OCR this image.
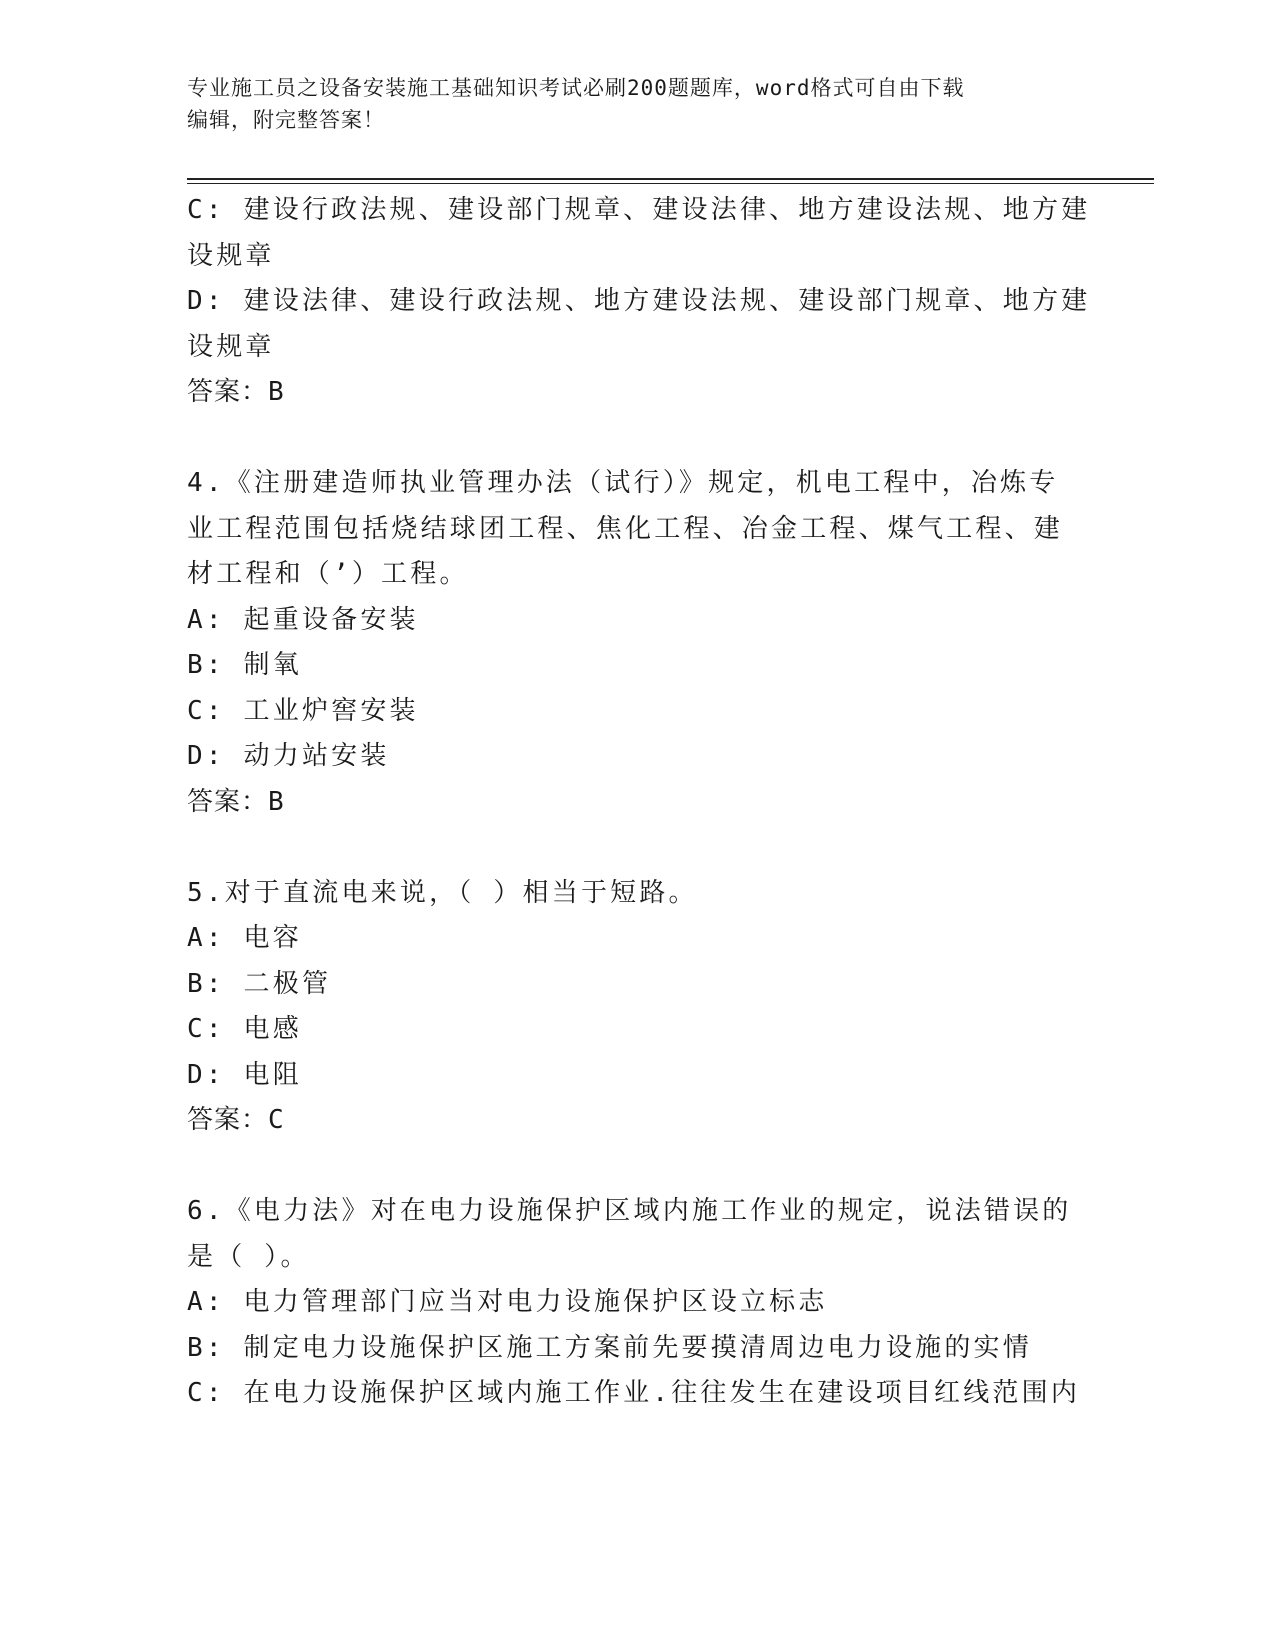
专业施工员之设备安装施工基础知识考试必刷200题题库，word格式可自由下载
编辑，附完整答案！
C: 建设行政法规、建设部门规章、建设法律、地方建设法规、地方建
设规章
D: 建设法律、建设行政法规、地方建设法规、建设部门规章、地方建
设规章
答案：B
4.《注册建造师执业管理办法（试行）》规定，机电工程中，冶炼专
业工程范围包括烧结球团工程、焦化工程、冶金工程、煤气工程、建
材工程和（’）工程。
A: 起重设备安装
B: 制氧
C: 工业炉窖安装
D: 动力站安装
答案：B
5.对于直流电来说，（ ）相当于短路。
A: 电容
B: 二极管
C: 电感
D: 电阻
答案：C
6.《电力法》对在电力设施保护区域内施工作业的规定，说法错误的
是（ ）。
A: 电力管理部门应当对电力设施保护区设立标志
B: 制定电力设施保护区施工方案前先要摸清周边电力设施的实情
C: 在电力设施保护区域内施工作业.往往发生在建设项目红线范围内
